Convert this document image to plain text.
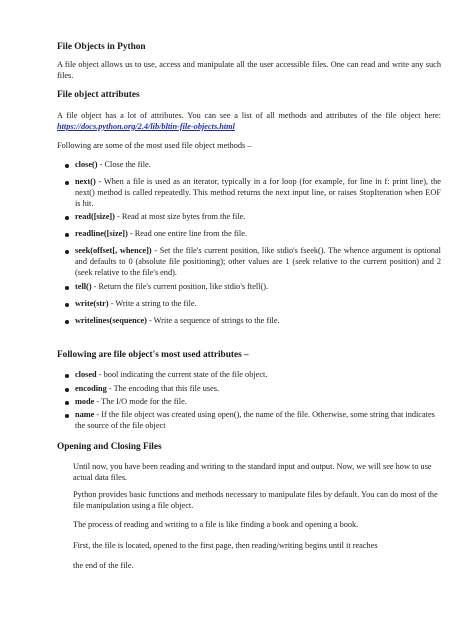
File Objects in Python
A file object allows us to use, access and manipulate all the user accessible files. One can read and write any such files.
File object attributes
A file object has a lot of attributes. You can see a list of all methods and attributes of the file object here: https://docs.python.org/2.4/lib/bltin-file-objects.html
Following are some of the most used file object methods –
close() - Close the file.
next() - When a file is used as an iterator, typically in a for loop (for example, for line in f: print line), the next() method is called repeatedly. This method returns the next input line, or raises StopIteration when EOF is hit.
read([size]) - Read at most size bytes from the file.
readline([size]) - Read one entire line from the file.
seek(offset[, whence]) - Set the file's current position, like stdio's fseek(). The whence argument is optional and defaults to 0 (absolute file positioning); other values are 1 (seek relative to the current position) and 2 (seek relative to the file's end).
tell() - Return the file's current position, like stdio's ftell().
write(str) - Write a string to the file.
writelines(sequence) - Write a sequence of strings to the file.
Following are file object's most used attributes –
closed - bool indicating the current state of the file object.
encoding - The encoding that this file uses.
mode - The I/O mode for the file.
name - If the file object was created using open(), the name of the file. Otherwise, some string that indicates the source of the file object
Opening and Closing Files
Until now, you have been reading and writing to the standard input and output. Now, we will see how to use actual data files.
Python provides basic functions and methods necessary to manipulate files by default. You can do most of the file manipulation using a file object.
The process of reading and writing to a file is like finding a book and opening a book.
First, the file is located, opened to the first page, then reading/writing begins until it reaches
the end of the file.
